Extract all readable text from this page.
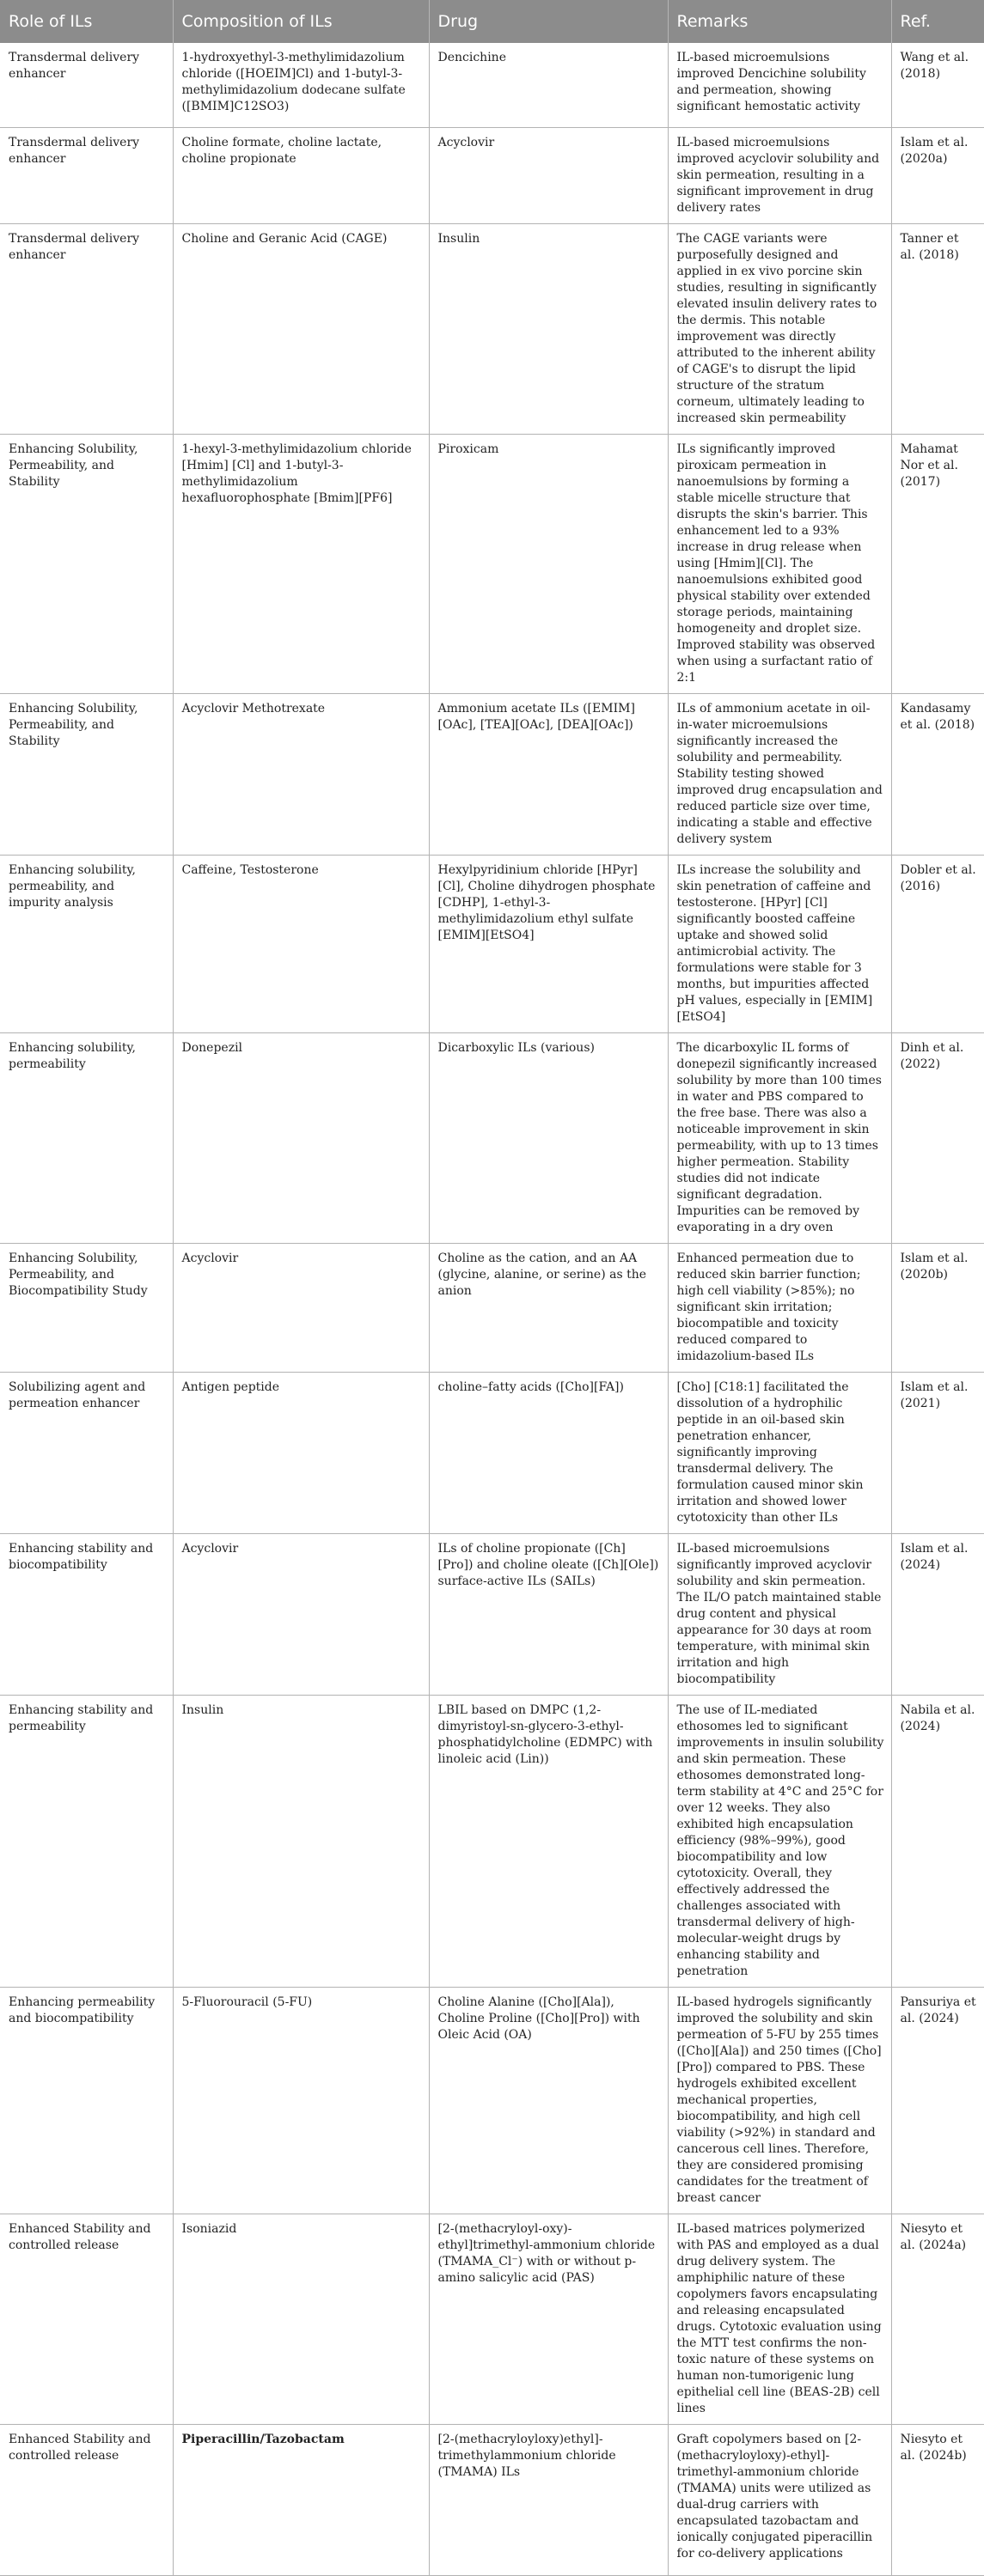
Role of ILs	Composition of ILs	Drug	Remarks	Ref.
Transdermal delivery enhancer	1-hydroxyethyl-3-methylimidazolium chloride ([HOEIM]Cl) and 1-butyl-3-methylimidazolium dodecane sulfate ([BMIM]C12SO3)	Dencichine	IL-based microemulsions improved Dencichine solubility and permeation, showing significant hemostatic activity	Wang et al. (2018)
Transdermal delivery enhancer	Choline formate, choline lactate, choline propionate	Acyclovir	IL-based microemulsions improved acyclovir solubility and skin permeation, resulting in a significant improvement in drug delivery rates	Islam et al. (2020a)
Transdermal delivery enhancer	Choline and Geranic Acid (CAGE)	Insulin	The CAGE variants were purposefully designed and applied in ex vivo porcine skin studies, resulting in significantly elevated insulin delivery rates to the dermis. This notable improvement was directly attributed to the inherent ability of CAGE's to disrupt the lipid structure of the stratum corneum, ultimately leading to increased skin permeability	Tanner et al. (2018)
Enhancing Solubility, Permeability, and Stability	1-hexyl-3-methylimidazolium chloride [Hmim] [Cl] and 1-butyl-3-methylimidazolium hexafluorophosphate [Bmim][PF6]	Piroxicam	ILs significantly improved piroxicam permeation in nanoemulsions by forming a stable micelle structure that disrupts the skin's barrier. This enhancement led to a 93% increase in drug release when using [Hmim][Cl]. The nanoemulsions exhibited good physical stability over extended storage periods, maintaining homogeneity and droplet size. Improved stability was observed when using a surfactant ratio of 2:1	Mahamat Nor et al. (2017)
Enhancing Solubility, Permeability, and Stability	Acyclovir Methotrexate	Ammonium acetate ILs ([EMIM][OAc], [TEA][OAc], [DEA][OAc])	ILs of ammonium acetate in oil-in-water microemulsions significantly increased the solubility and permeability. Stability testing showed improved drug encapsulation and reduced particle size over time, indicating a stable and effective delivery system	Kandasamy et al. (2018)
Enhancing solubility, permeability, and impurity analysis	Caffeine, Testosterone	Hexylpyridinium chloride [HPyr][Cl], Choline dihydrogen phosphate [CDHP], 1-ethyl-3-methylimidazolium ethyl sulfate [EMIM][EtSO4]	ILs increase the solubility and skin penetration of caffeine and testosterone. [HPyr] [Cl] significantly boosted caffeine uptake and showed solid antimicrobial activity. The formulations were stable for 3 months, but impurities affected pH values, especially in [EMIM][EtSO4]	Dobler et al. (2016)
Enhancing solubility, permeability	Donepezil	Dicarboxylic ILs (various)	The dicarboxylic IL forms of donepezil significantly increased solubility by more than 100 times in water and PBS compared to the free base. There was also a noticeable improvement in skin permeability, with up to 13 times higher permeation. Stability studies did not indicate significant degradation. Impurities can be removed by evaporating in a dry oven	Dinh et al. (2022)
Enhancing Solubility, Permeability, and Biocompatibility Study	Acyclovir	Choline as the cation, and an AA (glycine, alanine, or serine) as the anion	Enhanced permeation due to reduced skin barrier function; high cell viability (>85%); no significant skin irritation; biocompatible and toxicity reduced compared to imidazolium-based ILs	Islam et al. (2020b)
Solubilizing agent and permeation enhancer	Antigen peptide	choline–fatty acids ([Cho][FA])	[Cho] [C18:1] facilitated the dissolution of a hydrophilic peptide in an oil-based skin penetration enhancer, significantly improving transdermal delivery. The formulation caused minor skin irritation and showed lower cytotoxicity than other ILs	Islam et al. (2021)
Enhancing stability and biocompatibility	Acyclovir	ILs of choline propionate ([Ch][Pro]) and choline oleate ([Ch][Ole]) surface-active ILs (SAILs)	IL-based microemulsions significantly improved acyclovir solubility and skin permeation. The IL/O patch maintained stable drug content and physical appearance for 30 days at room temperature, with minimal skin irritation and high biocompatibility	Islam et al. (2024)
Enhancing stability and permeability	Insulin	LBIL based on DMPC (1,2-dimyristoyl-sn-glycero-3-ethyl-phosphatidylcholine (EDMPC) with linoleic acid (Lin))	The use of IL-mediated ethosomes led to significant improvements in insulin solubility and skin permeation. These ethosomes demonstrated long-term stability at 4°C and 25°C for over 12 weeks. They also exhibited high encapsulation efficiency (98%–99%), good biocompatibility and low cytotoxicity. Overall, they effectively addressed the challenges associated with transdermal delivery of high-molecular-weight drugs by enhancing stability and penetration	Nabila et al. (2024)
Enhancing permeability and biocompatibility	5-Fluorouracil (5-FU)	Choline Alanine ([Cho][Ala]), Choline Proline ([Cho][Pro]) with Oleic Acid (OA)	IL-based hydrogels significantly improved the solubility and skin permeation of 5-FU by 255 times ([Cho][Ala]) and 250 times ([Cho][Pro]) compared to PBS. These hydrogels exhibited excellent mechanical properties, biocompatibility, and high cell viability (>92%) in standard and cancerous cell lines. Therefore, they are considered promising candidates for the treatment of breast cancer	Pansuriya et al. (2024)
Enhanced Stability and controlled release	Isoniazid	[2-(methacryloyl-oxy)-ethyl]trimethyl-ammonium chloride (TMAMA_Cl⁻) with or without p-amino salicylic acid (PAS)	IL-based matrices polymerized with PAS and employed as a dual drug delivery system. The amphiphilic nature of these copolymers favors encapsulating and releasing encapsulated drugs. Cytotoxic evaluation using the MTT test confirms the non-toxic nature of these systems on human non-tumorigenic lung epithelial cell line (BEAS-2B) cell lines	Niesyto et al. (2024a)
Enhanced Stability and controlled release	Piperacillin/Tazobactam	[2-(methacryloyloxy)ethyl]-trimethylammonium chloride (TMAMA) ILs	Graft copolymers based on [2-(methacryloyloxy)-ethyl]-trimethyl-ammonium chloride (TMAMA) units were utilized as dual-drug carriers with encapsulated tazobactam and ionically conjugated piperacillin for co-delivery applications	Niesyto et al. (2024b)
